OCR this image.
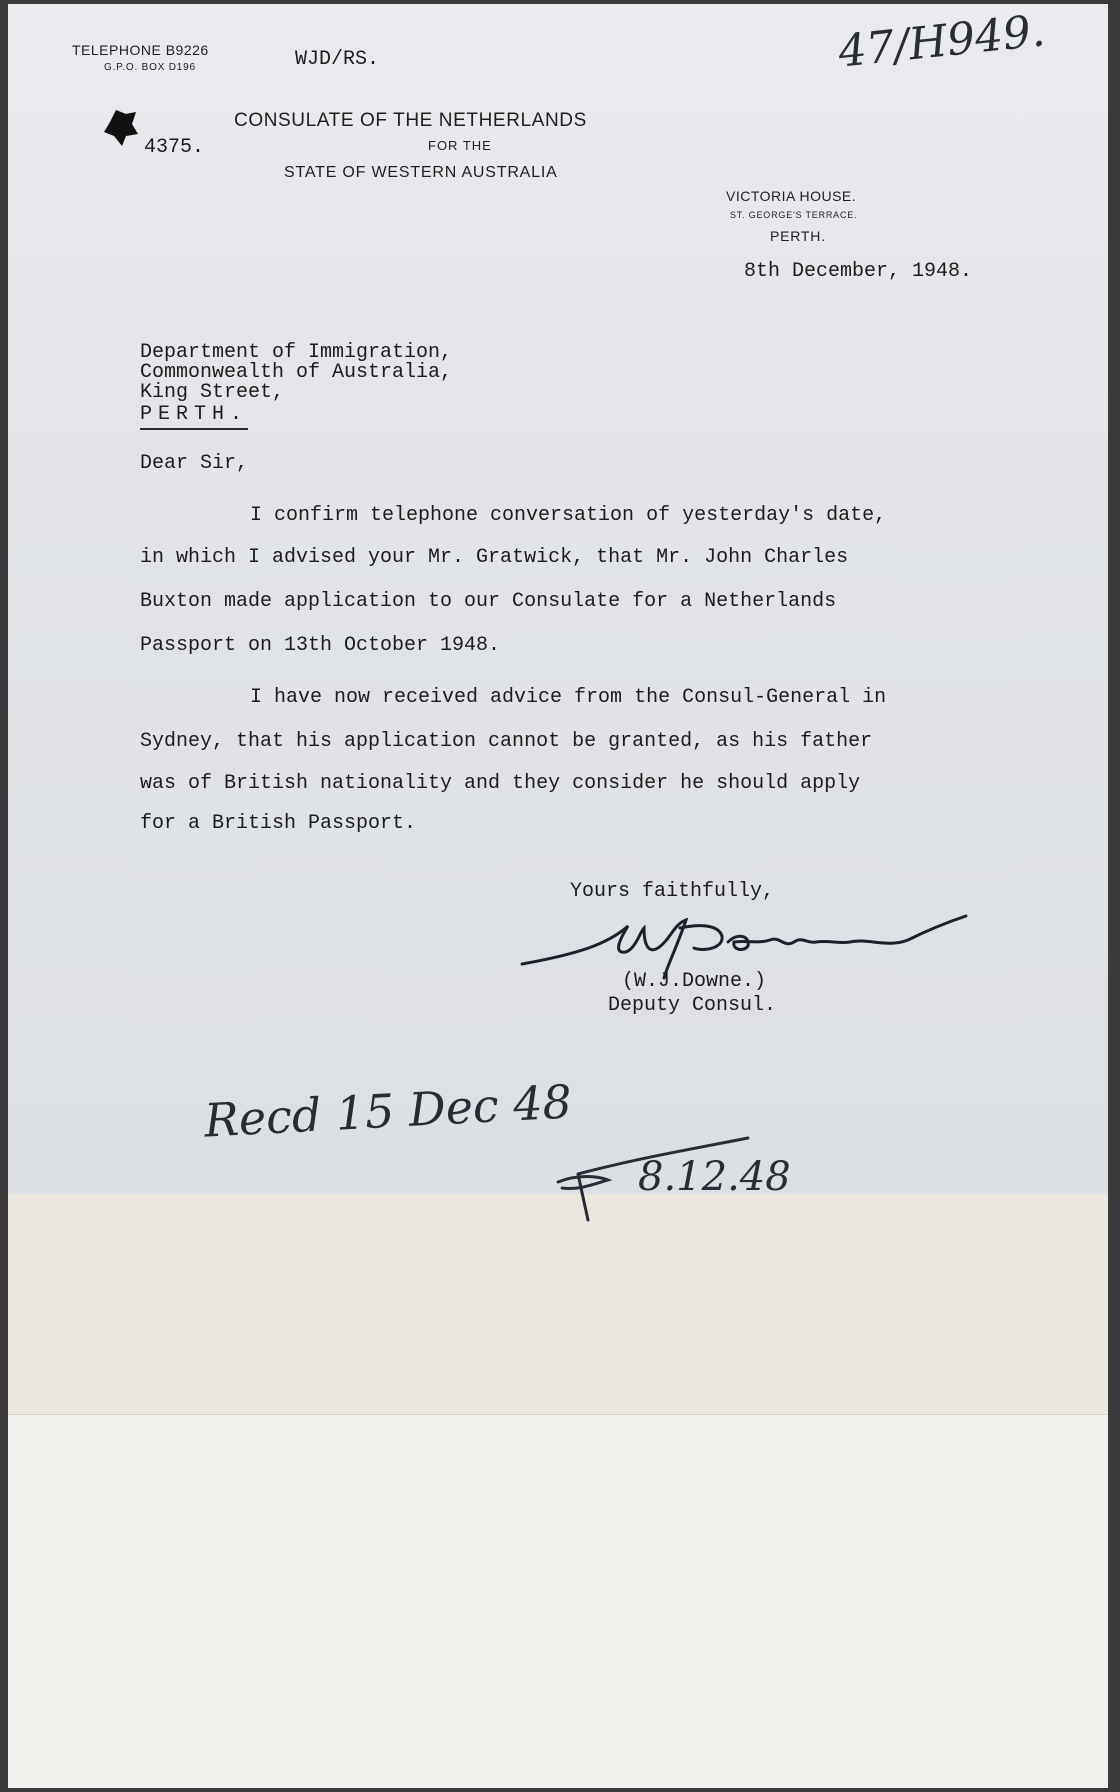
TELEPHONE B9226
G.P.O. BOX D196	WJD/RS.	47/H949.
4375.
CONSULATE OF THE NETHERLANDS
FOR THE
STATE OF WESTERN AUSTRALIA
VICTORIA HOUSE.
ST. GEORGE'S TERRACE.
PERTH.
8th December, 1948.
Department of Immigration,
Commonwealth of Australia,
King Street,
PERTH.
Dear Sir,
I confirm telephone conversation of yesterday's date,
in which I advised your Mr. Gratwick, that Mr. John Charles
Buxton made application to our Consulate for a Netherlands
Passport on 13th October 1948.
I have now received advice from the Consul-General in
Sydney, that his application cannot be granted, as his father
was of British nationality and they consider he should apply
for a British Passport.
Yours faithfully,
(W.J.Downe.)
Deputy Consul.
Recd 15 Dec 48
8.12.48
